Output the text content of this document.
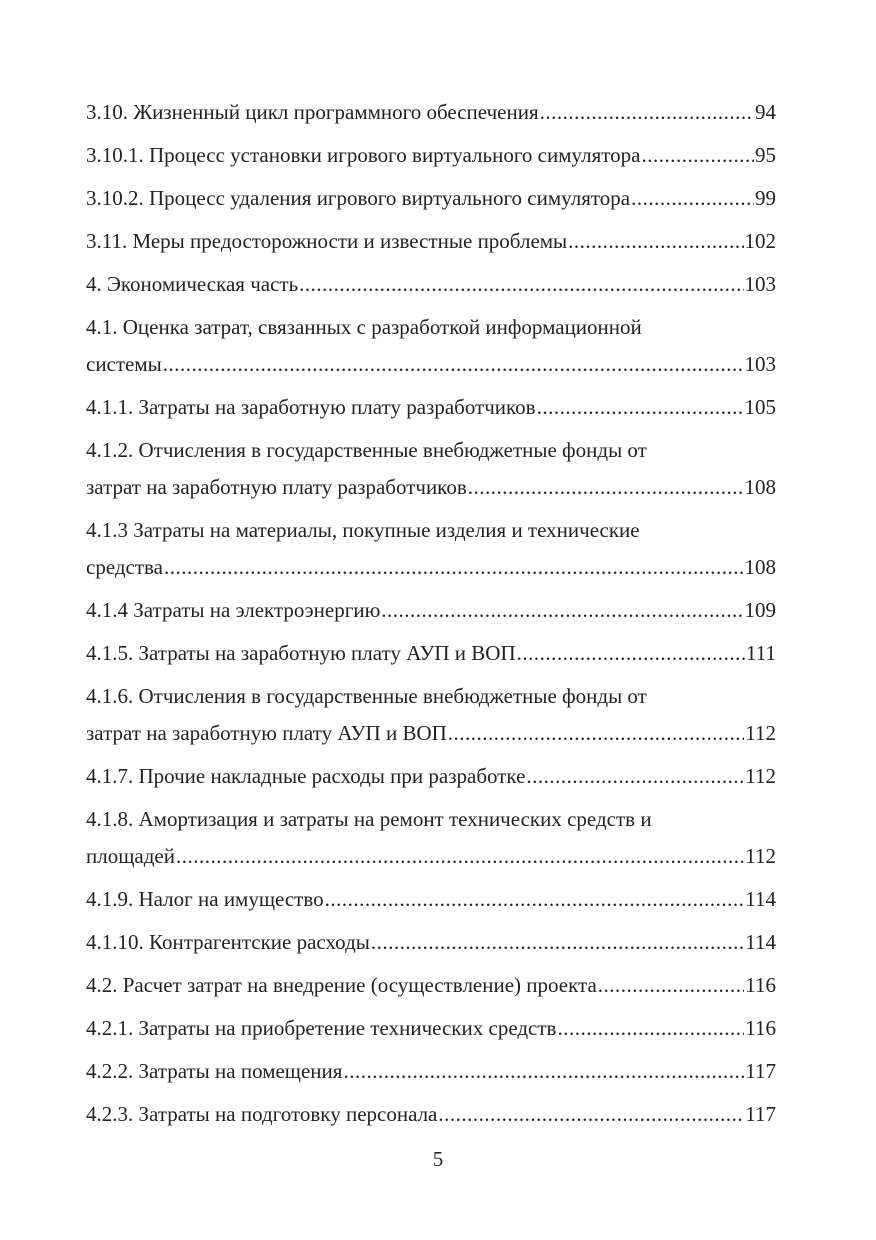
3.10. Жизненный цикл программного обеспечения .....	94
3.10.1. Процесс установки игрового виртуального симулятора .....	95
3.10.2. Процесс удаления игрового виртуального симулятора .....	99
3.11. Меры предосторожности и известные проблемы .....	102
4. Экономическая часть .....	103
4.1. Оценка затрат, связанных с разработкой информационной
системы .....	103
4.1.1. Затраты на заработную плату разработчиков .....	105
4.1.2. Отчисления в государственные внебюджетные фонды от
затрат на заработную плату разработчиков .....	108
4.1.3 Затраты на материалы, покупные изделия и технические
средства .....	108
4.1.4 Затраты на электроэнергию .....	109
4.1.5. Затраты на заработную плату АУП и ВОП .....	111
4.1.6. Отчисления в государственные внебюджетные фонды от
затрат на заработную плату АУП и ВОП .....	112
4.1.7. Прочие накладные расходы при разработке .....	112
4.1.8. Амортизация и затраты на ремонт технических средств и
площадей .....	112
4.1.9. Налог на имущество .....	114
4.1.10. Контрагентские расходы .....	114
4.2. Расчет затрат на внедрение (осуществление) проекта .....	116
4.2.1. Затраты на приобретение технических средств .....	116
4.2.2. Затраты на помещения .....	117
4.2.3. Затраты на подготовку персонала .....	117
5
